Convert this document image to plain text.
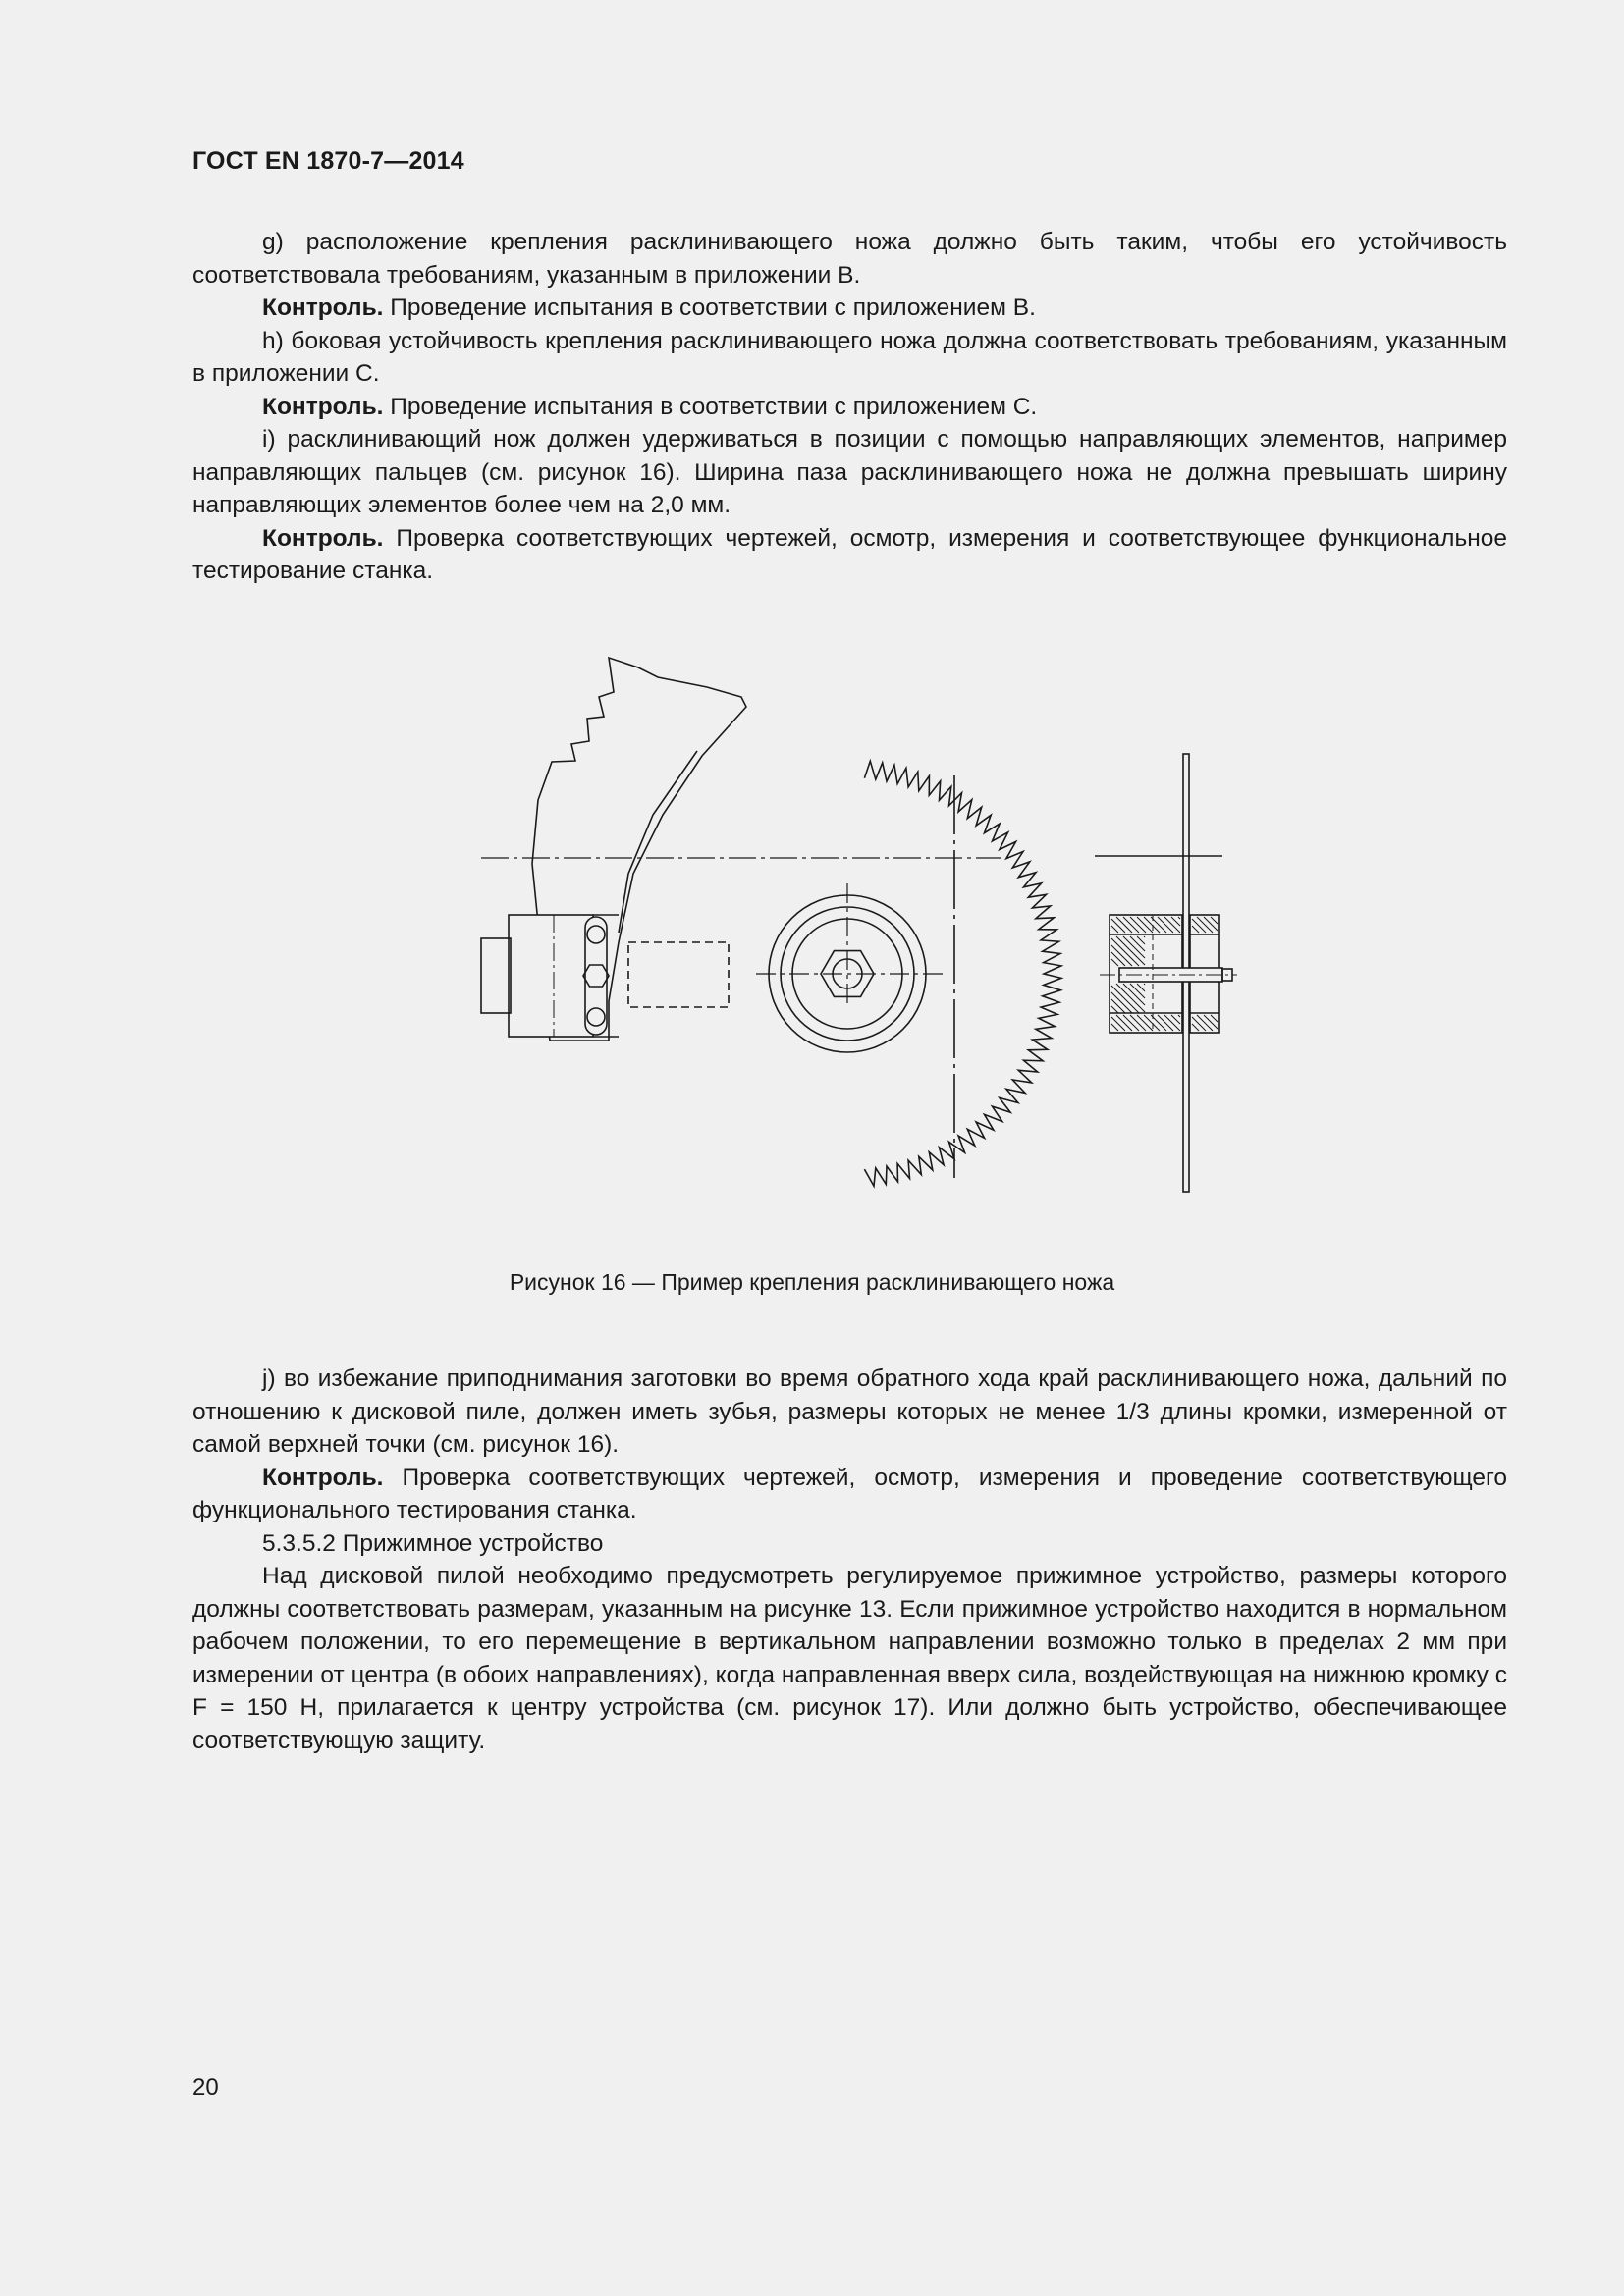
ГОСТ EN 1870-7—2014

g) расположение крепления расклинивающего ножа должно быть таким, чтобы его устойчивость соответствовала требованиям, указанным в приложении В.

Контроль. Проведение испытания в соответствии с приложением В.

h) боковая устойчивость крепления расклинивающего ножа должна соответствовать требованиям, указанным в приложении С.

Контроль. Проведение испытания в соответствии с приложением С.

i) расклинивающий нож должен удерживаться в позиции с помощью направляющих элементов, например направляющих пальцев (см. рисунок 16). Ширина паза расклинивающего ножа не должна превышать ширину направляющих элементов более чем на 2,0 мм.

Контроль. Проверка соответствующих чертежей, осмотр, измерения и соответствующее функциональное тестирование станка.

Рисунок 16 — Пример крепления расклинивающего ножа

j) во избежание приподнимания заготовки во время обратного хода край расклинивающего ножа, дальний по отношению к дисковой пиле, должен иметь зубья, размеры которых не менее 1/3 длины кромки, измеренной от самой верхней точки (см. рисунок 16).

Контроль. Проверка соответствующих чертежей, осмотр, измерения и проведение соответствующего функционального тестирования станка.

5.3.5.2 Прижимное устройство

Над дисковой пилой необходимо предусмотреть регулируемое прижимное устройство, размеры которого должны соответствовать размерам, указанным на рисунке 13. Если прижимное устройство находится в нормальном рабочем положении, то его перемещение в вертикальном направлении возможно только в пределах 2 мм при измерении от центра (в обоих направлениях), когда направленная вверх сила, воздействующая на нижнюю кромку с F = 150 Н, прилагается к центру устройства (см. рисунок 17). Или должно быть устройство, обеспечивающее соответствующую защиту.

20
